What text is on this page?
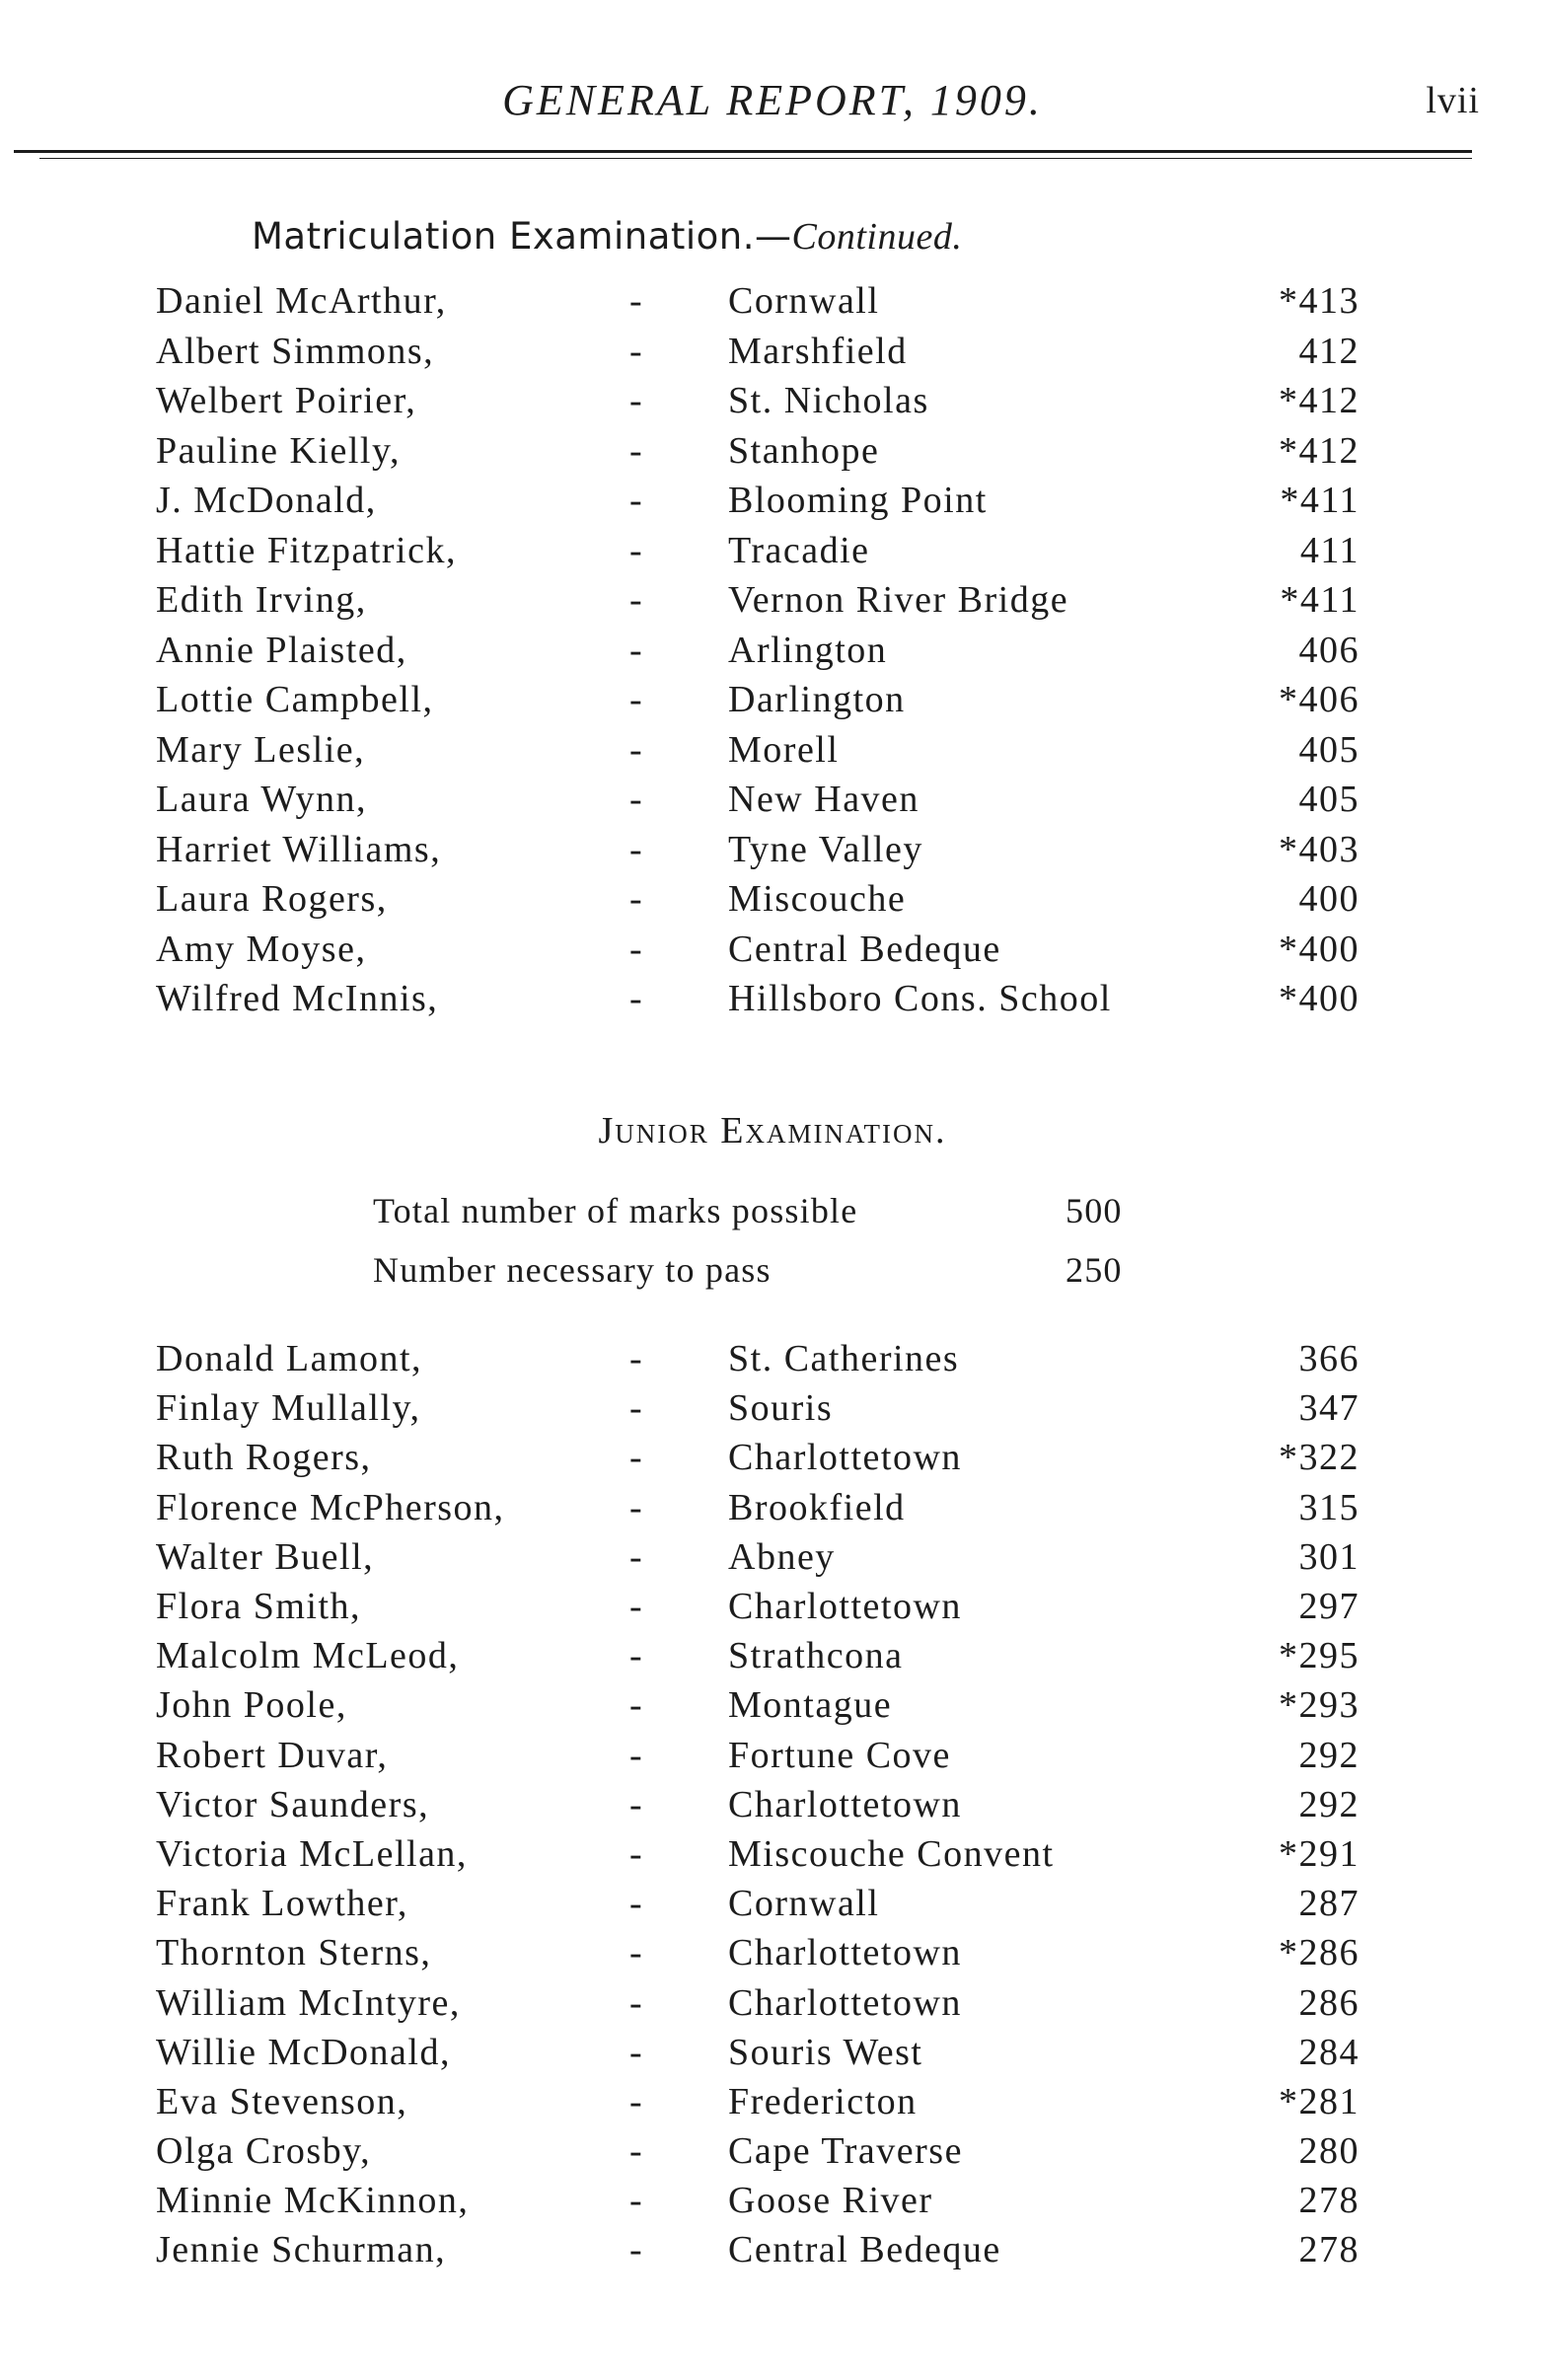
GENERAL REPORT, 1909.	lvii
Matriculation Examination.—Continued.
Daniel McArthur,	-	Cornwall	*413
Albert Simmons,	-	Marshfield	412
Welbert Poirier,	-	St. Nicholas	*412
Pauline Kielly,	-	Stanhope	*412
J. McDonald,	-	Blooming Point	*411
Hattie Fitzpatrick,	-	Tracadie	411
Edith Irving,	-	Vernon River Bridge	*411
Annie Plaisted,	-	Arlington	406
Lottie Campbell,	-	Darlington	*406
Mary Leslie,	-	Morell	405
Laura Wynn,	-	New Haven	405
Harriet Williams,	-	Tyne Valley	*403
Laura Rogers,	-	Miscouche	400
Amy Moyse,	-	Central Bedeque	*400
Wilfred McInnis,	-	Hillsboro Cons. School	*400
Junior Examination.
Total number of marks possible	500
Number necessary to pass	250
Donald Lamont,	-	St. Catherines	366
Finlay Mullally,	-	Souris	347
Ruth Rogers,	-	Charlottetown	*322
Florence McPherson,	-	Brookfield	315
Walter Buell,	-	Abney	301
Flora Smith,	-	Charlottetown	297
Malcolm McLeod,	-	Strathcona	*295
John Poole,	-	Montague	*293
Robert Duvar,	-	Fortune Cove	292
Victor Saunders,	-	Charlottetown	292
Victoria McLellan,	-	Miscouche Convent	*291
Frank Lowther,	-	Cornwall	287
Thornton Sterns,	-	Charlottetown	*286
William McIntyre,	-	Charlottetown	286
Willie McDonald,	-	Souris West	284
Eva Stevenson,	-	Fredericton	*281
Olga Crosby,	-	Cape Traverse	280
Minnie McKinnon,	-	Goose River	278
Jennie Schurman,	-	Central Bedeque	278
